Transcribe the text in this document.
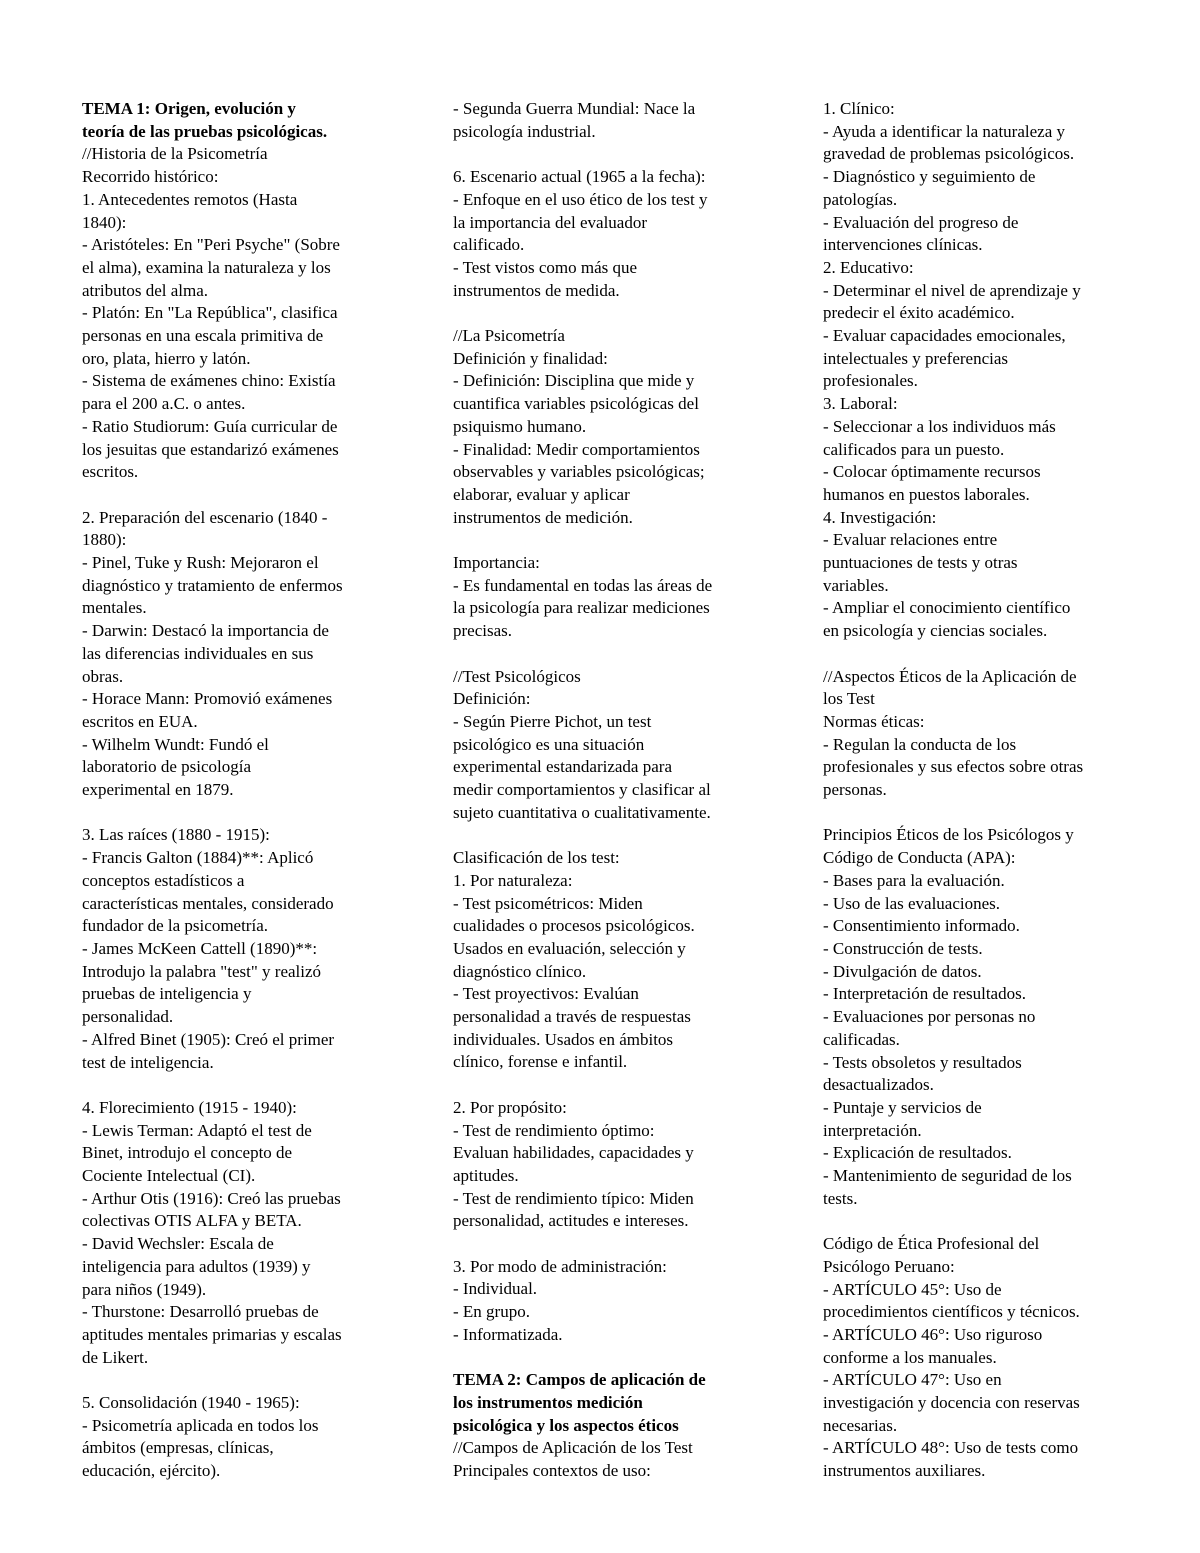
TEMA 1: Origen, evolución y
teoría de las pruebas psicológicas.
//Historia de la Psicometría
Recorrido histórico:
1. Antecedentes remotos (Hasta
1840):
- Aristóteles: En "Peri Psyche" (Sobre
el alma), examina la naturaleza y los
atributos del alma.
- Platón: En "La República", clasifica
personas en una escala primitiva de
oro, plata, hierro y latón.
- Sistema de exámenes chino: Existía
para el 200 a.C. o antes.
- Ratio Studiorum: Guía curricular de
los jesuitas que estandarizó exámenes
escritos.
2. Preparación del escenario (1840 -
1880):
- Pinel, Tuke y Rush: Mejoraron el
diagnóstico y tratamiento de enfermos
mentales.
- Darwin: Destacó la importancia de
las diferencias individuales en sus
obras.
- Horace Mann: Promovió exámenes
escritos en EUA.
- Wilhelm Wundt: Fundó el
laboratorio de psicología
experimental en 1879.
3. Las raíces (1880 - 1915):
- Francis Galton (1884)**: Aplicó
conceptos estadísticos a
características mentales, considerado
fundador de la psicometría.
- James McKeen Cattell (1890)**:
Introdujo la palabra "test" y realizó
pruebas de inteligencia y
personalidad.
- Alfred Binet (1905): Creó el primer
test de inteligencia.
4. Florecimiento (1915 - 1940):
- Lewis Terman: Adaptó el test de
Binet, introdujo el concepto de
Cociente Intelectual (CI).
- Arthur Otis (1916): Creó las pruebas
colectivas OTIS ALFA y BETA.
- David Wechsler: Escala de
inteligencia para adultos (1939) y
para niños (1949).
- Thurstone: Desarrolló pruebas de
aptitudes mentales primarias y escalas
de Likert.
5. Consolidación (1940 - 1965):
- Psicometría aplicada en todos los
ámbitos (empresas, clínicas,
educación, ejército).
- Segunda Guerra Mundial: Nace la
psicología industrial.
6. Escenario actual (1965 a la fecha):
- Enfoque en el uso ético de los test y
la importancia del evaluador
calificado.
- Test vistos como más que
instrumentos de medida.
//La Psicometría
Definición y finalidad:
- Definición: Disciplina que mide y
cuantifica variables psicológicas del
psiquismo humano.
- Finalidad: Medir comportamientos
observables y variables psicológicas;
elaborar, evaluar y aplicar
instrumentos de medición.
Importancia:
- Es fundamental en todas las áreas de
la psicología para realizar mediciones
precisas.
//Test Psicológicos
Definición:
- Según Pierre Pichot, un test
psicológico es una situación
experimental estandarizada para
medir comportamientos y clasificar al
sujeto cuantitativa o cualitativamente.
Clasificación de los test:
1. Por naturaleza:
- Test psicométricos: Miden
cualidades o procesos psicológicos.
Usados en evaluación, selección y
diagnóstico clínico.
- Test proyectivos: Evalúan
personalidad a través de respuestas
individuales. Usados en ámbitos
clínico, forense e infantil.
2. Por propósito:
- Test de rendimiento óptimo:
Evaluan habilidades, capacidades y
aptitudes.
- Test de rendimiento típico: Miden
personalidad, actitudes e intereses.
3. Por modo de administración:
- Individual.
- En grupo.
- Informatizada.
TEMA 2: Campos de aplicación de
los instrumentos medición
psicológica y los aspectos éticos
//Campos de Aplicación de los Test
Principales contextos de uso:
1. Clínico:
- Ayuda a identificar la naturaleza y
gravedad de problemas psicológicos.
- Diagnóstico y seguimiento de
patologías.
- Evaluación del progreso de
intervenciones clínicas.
2. Educativo:
- Determinar el nivel de aprendizaje y
predecir el éxito académico.
- Evaluar capacidades emocionales,
intelectuales y preferencias
profesionales.
3. Laboral:
- Seleccionar a los individuos más
calificados para un puesto.
- Colocar óptimamente recursos
humanos en puestos laborales.
4. Investigación:
- Evaluar relaciones entre
puntuaciones de tests y otras
variables.
- Ampliar el conocimiento científico
en psicología y ciencias sociales.
//Aspectos Éticos de la Aplicación de
los Test
Normas éticas:
- Regulan la conducta de los
profesionales y sus efectos sobre otras
personas.
Principios Éticos de los Psicólogos y
Código de Conducta (APA):
- Bases para la evaluación.
- Uso de las evaluaciones.
- Consentimiento informado.
- Construcción de tests.
- Divulgación de datos.
- Interpretación de resultados.
- Evaluaciones por personas no
calificadas.
- Tests obsoletos y resultados
desactualizados.
- Puntaje y servicios de
interpretación.
- Explicación de resultados.
- Mantenimiento de seguridad de los
tests.
Código de Ética Profesional del
Psicólogo Peruano:
- ARTÍCULO 45°: Uso de
procedimientos científicos y técnicos.
- ARTÍCULO 46°: Uso riguroso
conforme a los manuales.
- ARTÍCULO 47°: Uso en
investigación y docencia con reservas
necesarias.
- ARTÍCULO 48°: Uso de tests como
instrumentos auxiliares.
